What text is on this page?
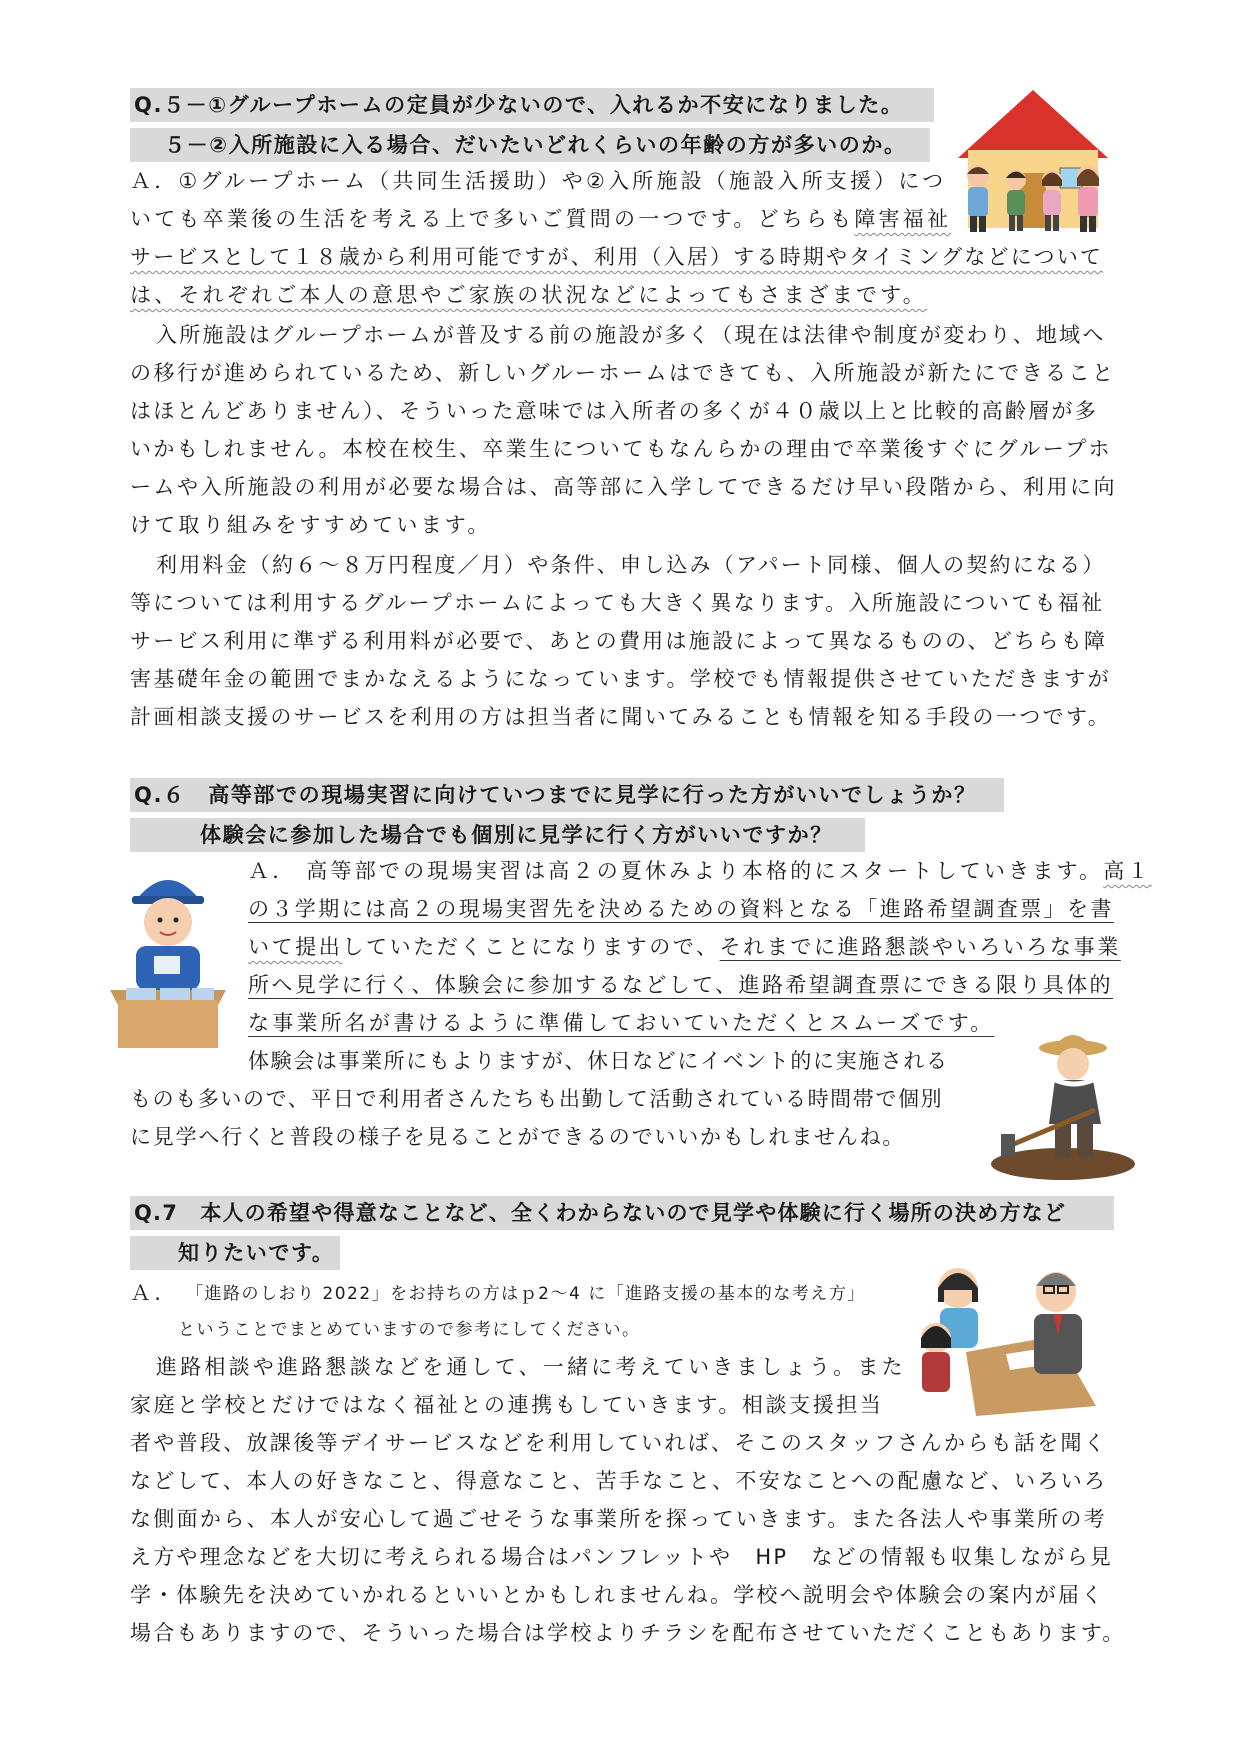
Q.５－①グループホームの定員が少ないので、入れるか不安になりました。
５－②入所施設に入る場合、だいたいどれくらいの年齢の方が多いのか。
Ａ．①グループホーム（共同生活援助）や②入所施設（施設入所支援）につ
いても卒業後の生活を考える上で多いご質問の一つです。どちらも障害福祉
サービスとして１８歳から利用可能ですが、利用（入居）する時期やタイミングなどについて
は、それぞれご本人の意思やご家族の状況などによってもさまざまです。
入所施設はグループホームが普及する前の施設が多く（現在は法律や制度が変わり、地域へ
の移行が進められているため、新しいグルーホームはできても、入所施設が新たにできること
はほとんどありません）、そういった意味では入所者の多くが４０歳以上と比較的高齢層が多
いかもしれません。本校在校生、卒業生についてもなんらかの理由で卒業後すぐにグループホ
ームや入所施設の利用が必要な場合は、高等部に入学してできるだけ早い段階から、利用に向
けて取り組みをすすめています。
利用料金（約６～８万円程度／月）や条件、申し込み（アパート同様、個人の契約になる）
等については利用するグループホームによっても大きく異なります。入所施設についても福祉
サービス利用に準ずる利用料が必要で、あとの費用は施設によって異なるものの、どちらも障
害基礎年金の範囲でまかなえるようになっています。学校でも情報提供させていただきますが
計画相談支援のサービスを利用の方は担当者に聞いてみることも情報を知る手段の一つです。
Q.６　高等部での現場実習に向けていつまでに見学に行った方がいいでしょうか？
体験会に参加した場合でも個別に見学に行く方がいいですか？
Ａ． 高等部での現場実習は高２の夏休みより本格的にスタートしていきます。高１
の３学期には高２の現場実習先を決めるための資料となる「進路希望調査票」を書
いて提出していただくことになりますので、それまでに進路懇談やいろいろな事業
所へ見学に行く、体験会に参加するなどして、進路希望調査票にできる限り具体的
な事業所名が書けるように準備しておいていただくとスムーズです。
体験会は事業所にもよりますが、休日などにイベント的に実施される
ものも多いので、平日で利用者さんたちも出勤して活動されている時間帯で個別
に見学へ行くと普段の様子を見ることができるのでいいかもしれませんね。
Q.7　本人の希望や得意なことなど、全くわからないので見学や体験に行く場所の決め方など
知りたいです。
Ａ. 「進路のしおり 2022」をお持ちの方はｐ2～4 に「進路支援の基本的な考え方」
ということでまとめていますので参考にしてください。
進路相談や進路懇談などを通して、一緒に考えていきましょう。また
家庭と学校とだけではなく福祉との連携もしていきます。相談支援担当
者や普段、放課後等デイサービスなどを利用していれば、そこのスタッフさんからも話を聞く
などして、本人の好きなこと、得意なこと、苦手なこと、不安なことへの配慮など、いろいろ
な側面から、本人が安心して過ごせそうな事業所を探っていきます。また各法人や事業所の考
え方や理念などを大切に考えられる場合はパンフレットや　HP　などの情報も収集しながら見
学・体験先を決めていかれるといいとかもしれませんね。学校へ説明会や体験会の案内が届く
場合もありますので、そういった場合は学校よりチラシを配布させていただくこともあります。
